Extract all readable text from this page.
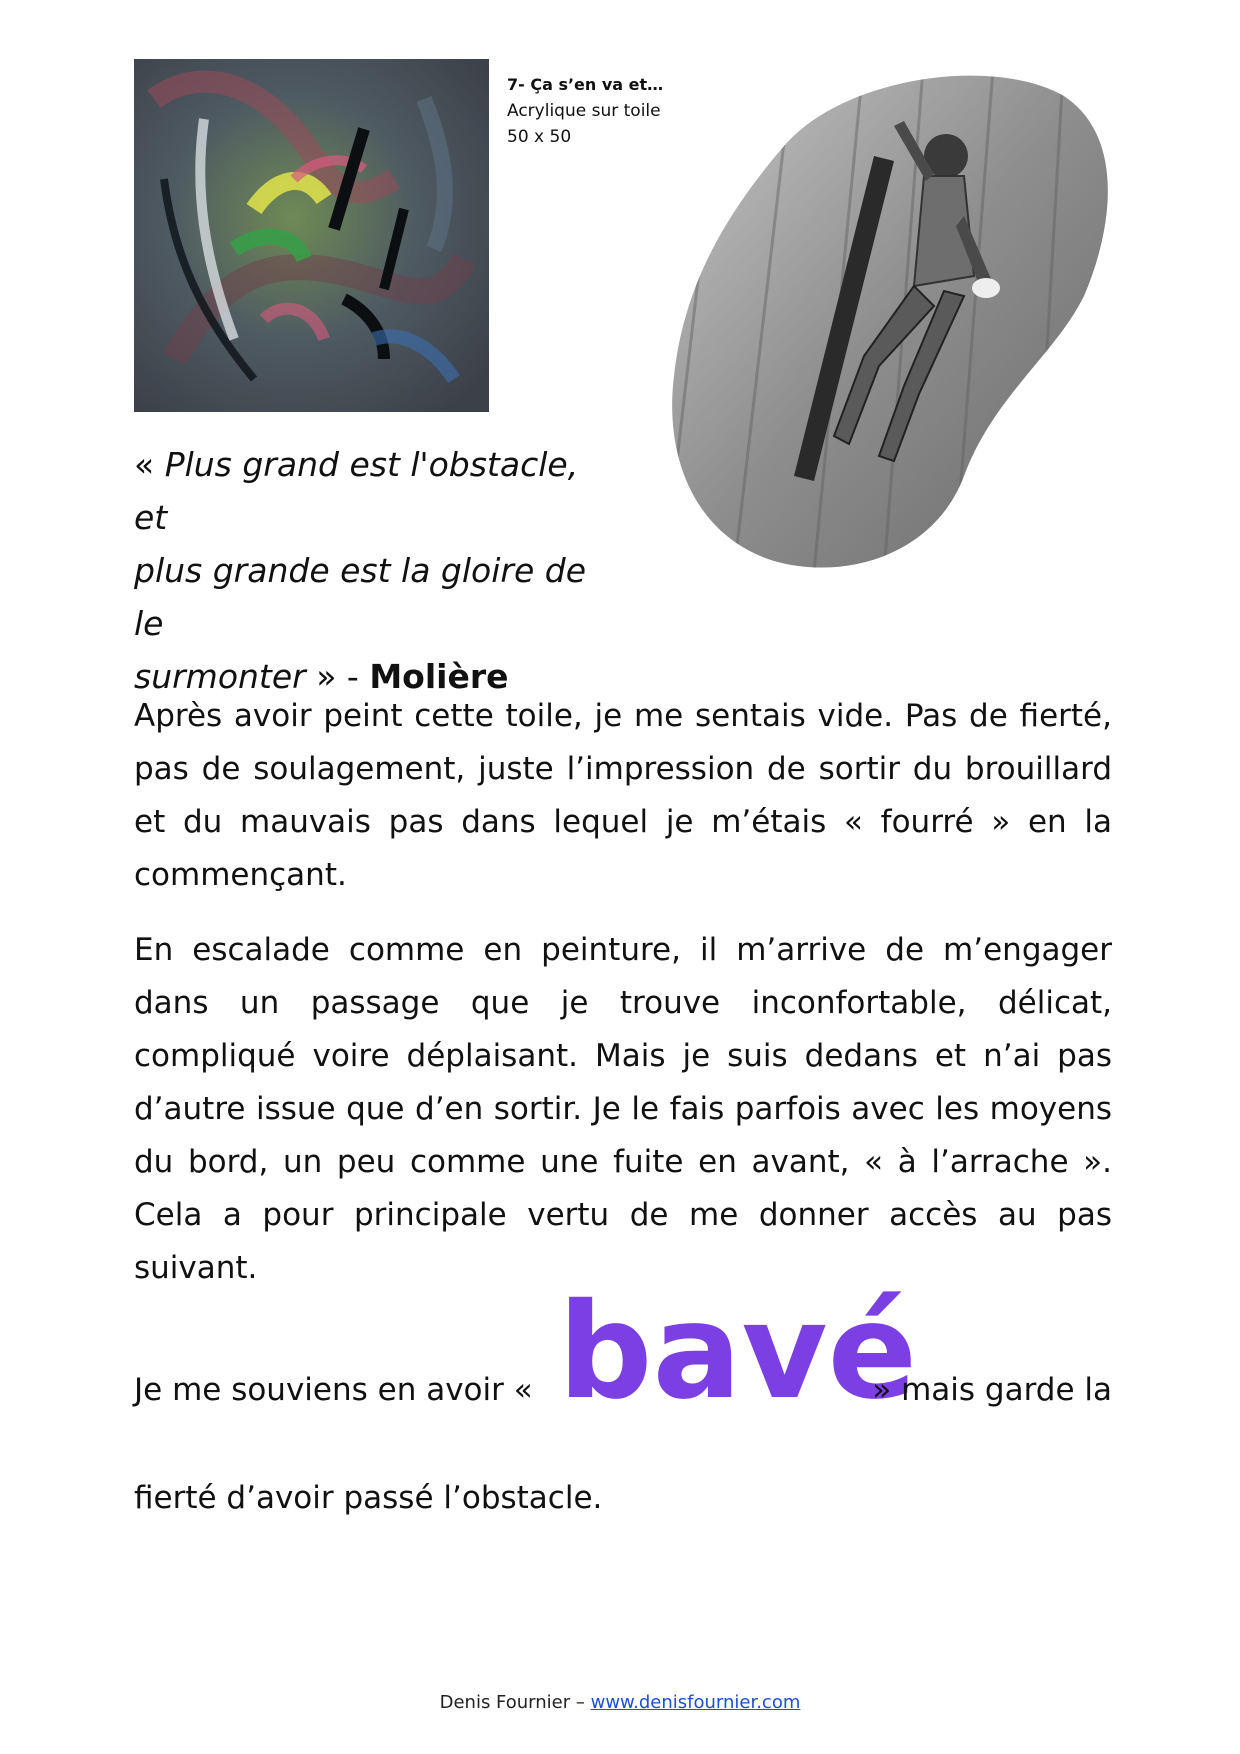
7- Ça s’en va et…
Acrylique sur toile
50 x 50
« Plus grand est l'obstacle, et
plus grande est la gloire de le
surmonter » - Molière
Après avoir peint cette toile, je me sentais vide. Pas de fierté, pas de soulagement, juste l’impression de sortir du brouillard et du mauvais pas dans lequel je m’étais « fourré » en la commençant.
En escalade comme en peinture, il m’arrive de m’engager dans un passage que je trouve inconfortable, délicat, compliqué voire déplaisant. Mais je suis dedans et n’ai pas d’autre issue que d’en sortir. Je le fais parfois avec les moyens du bord, un peu comme une fuite en avant, « à l’arrache ». Cela a pour principale vertu de me donner accès au pas suivant.
Je me souviens en avoir « bavé
» mais garde la
fierté d’avoir passé l’obstacle.
Denis Fournier – www.denisfournier.com
